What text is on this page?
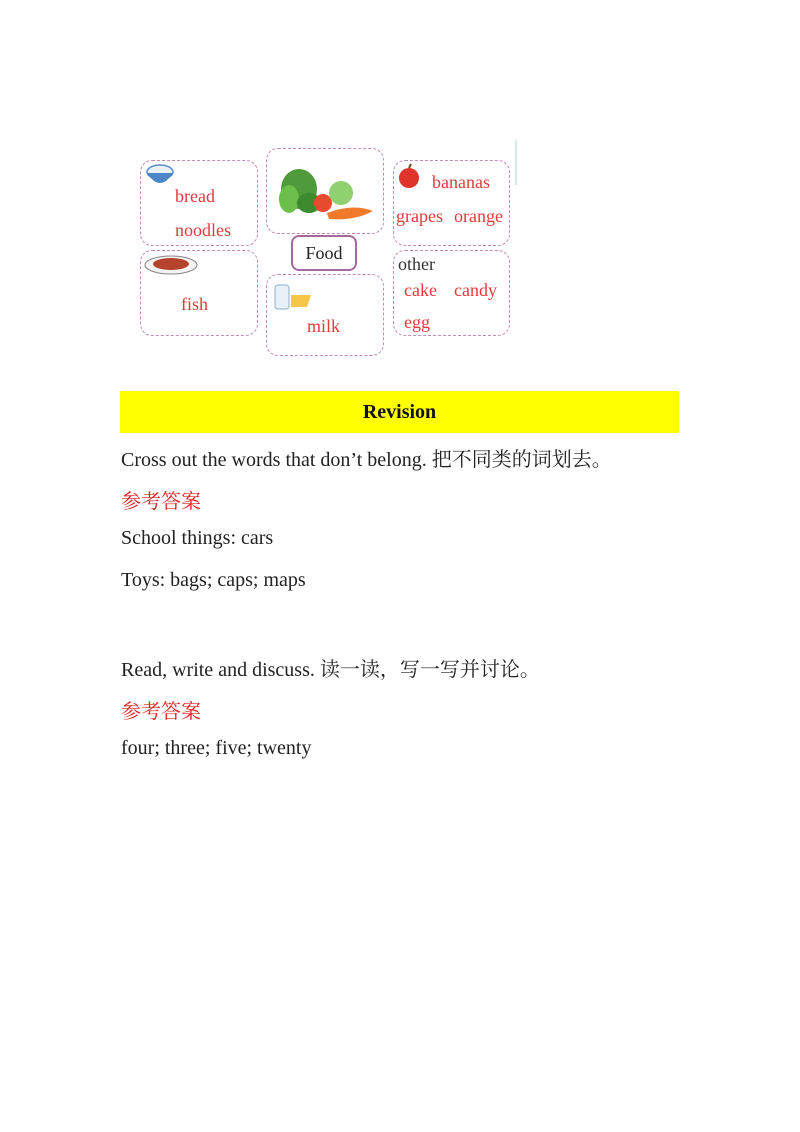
bread
noodles
bananas
grapes orange
Food
fish
milk
other
cake candy
egg
Revision
Cross out the words that don’t belong. 把不同类的词划去。
参考答案
School things: cars
Toys: bags; caps; maps
Read, write and discuss. 读一读，写一写并讨论。
参考答案
four; three; five; twenty
